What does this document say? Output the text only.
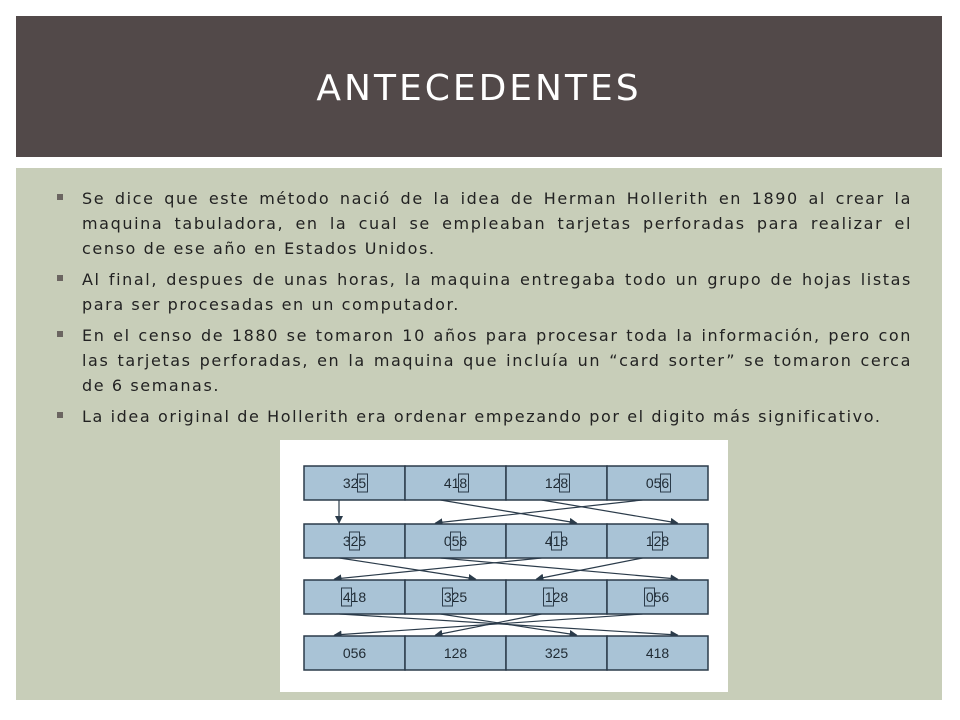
ANTECEDENTES
Se dice que este método nació de la idea de Herman Hollerith en 1890 al crear la maquina tabuladora, en la cual se empleaban tarjetas perforadas para realizar el censo de ese año en Estados Unidos.
Al final, despues de unas horas, la maquina entregaba todo un grupo de hojas listas para ser procesadas en un computador.
En el censo de 1880 se tomaron 10 años para procesar toda la información, pero con las tarjetas perforadas, en la maquina que incluía un “card sorter” se tomaron cerca de 6 semanas.
La idea original de Hollerith era ordenar empezando por el digito más significativo.
325	418	128	056
325	056	418	128
418	325	128	056
056	128	325	418
